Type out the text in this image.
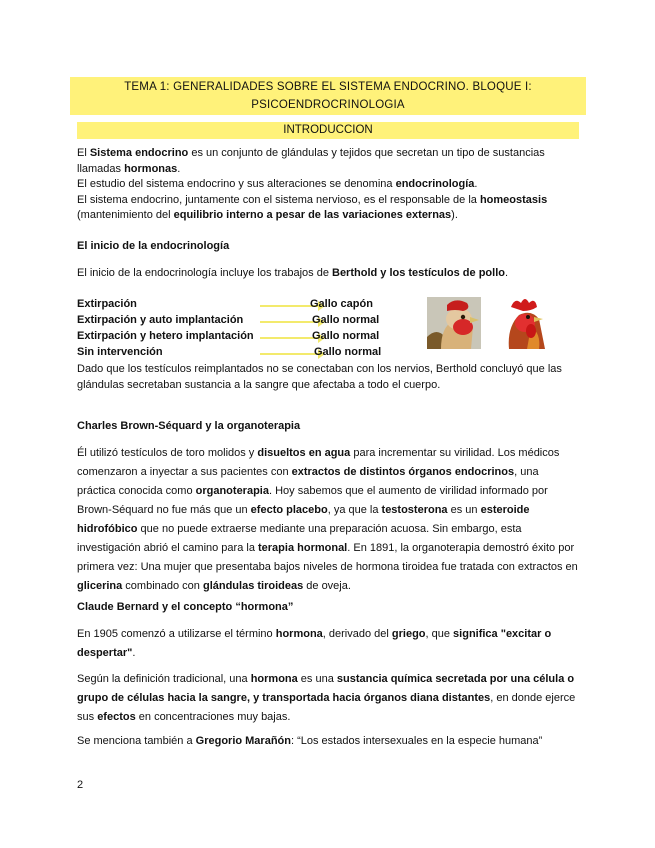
TEMA 1: GENERALIDADES SOBRE EL SISTEMA ENDOCRINO. BLOQUE I:
PSICOENDROCRINOLOGIA
INTRODUCCION
El Sistema endocrino es un conjunto de glándulas y tejidos que secretan un tipo de sustancias llamadas hormonas.
El estudio del sistema endocrino y sus alteraciones se denomina endocrinología.
El sistema endocrino, juntamente con el sistema nervioso, es el responsable de la homeostasis (mantenimiento del equilibrio interno a pesar de las variaciones externas).
El inicio de la endocrinología
El inicio de la endocrinología incluye los trabajos de Berthold y los testículos de pollo.
Extirpación	Gallo capón
Extirpación y auto implantación	Gallo normal
Extirpación y hetero implantación	Gallo normal
Sin intervención	Gallo normal
Dado que los testículos reimplantados no se conectaban con los nervios, Berthold concluyó que las glándulas secretaban sustancia a la sangre que afectaba a todo el cuerpo.
Charles Brown-Séquard y la organoterapia
Él utilizó testículos de toro molidos y disueltos en agua para incrementar su virilidad. Los médicos comenzaron a inyectar a sus pacientes con extractos de distintos órganos endocrinos, una práctica conocida como organoterapia. Hoy sabemos que el aumento de virilidad informado por Brown-Séquard no fue más que un efecto placebo, ya que la testosterona es un esteroide hidrofóbico que no puede extraerse mediante una preparación acuosa. Sin embargo, esta investigación abrió el camino para la terapia hormonal. En 1891, la organoterapia demostró éxito por primera vez: Una mujer que presentaba bajos niveles de hormona tiroidea fue tratada con extractos en glicerina combinado con glándulas tiroideas de oveja.
Claude Bernard y el concepto “hormona”
En 1905 comenzó a utilizarse el término hormona, derivado del griego, que significa "excitar o despertar".
Según la definición tradicional, una hormona es una sustancia química secretada por una célula o grupo de células hacia la sangre, y transportada hacia órganos diana distantes, en donde ejerce sus efectos en concentraciones muy bajas.
Se menciona también a Gregorio Marañón: “Los estados intersexuales en la especie humana”
2
